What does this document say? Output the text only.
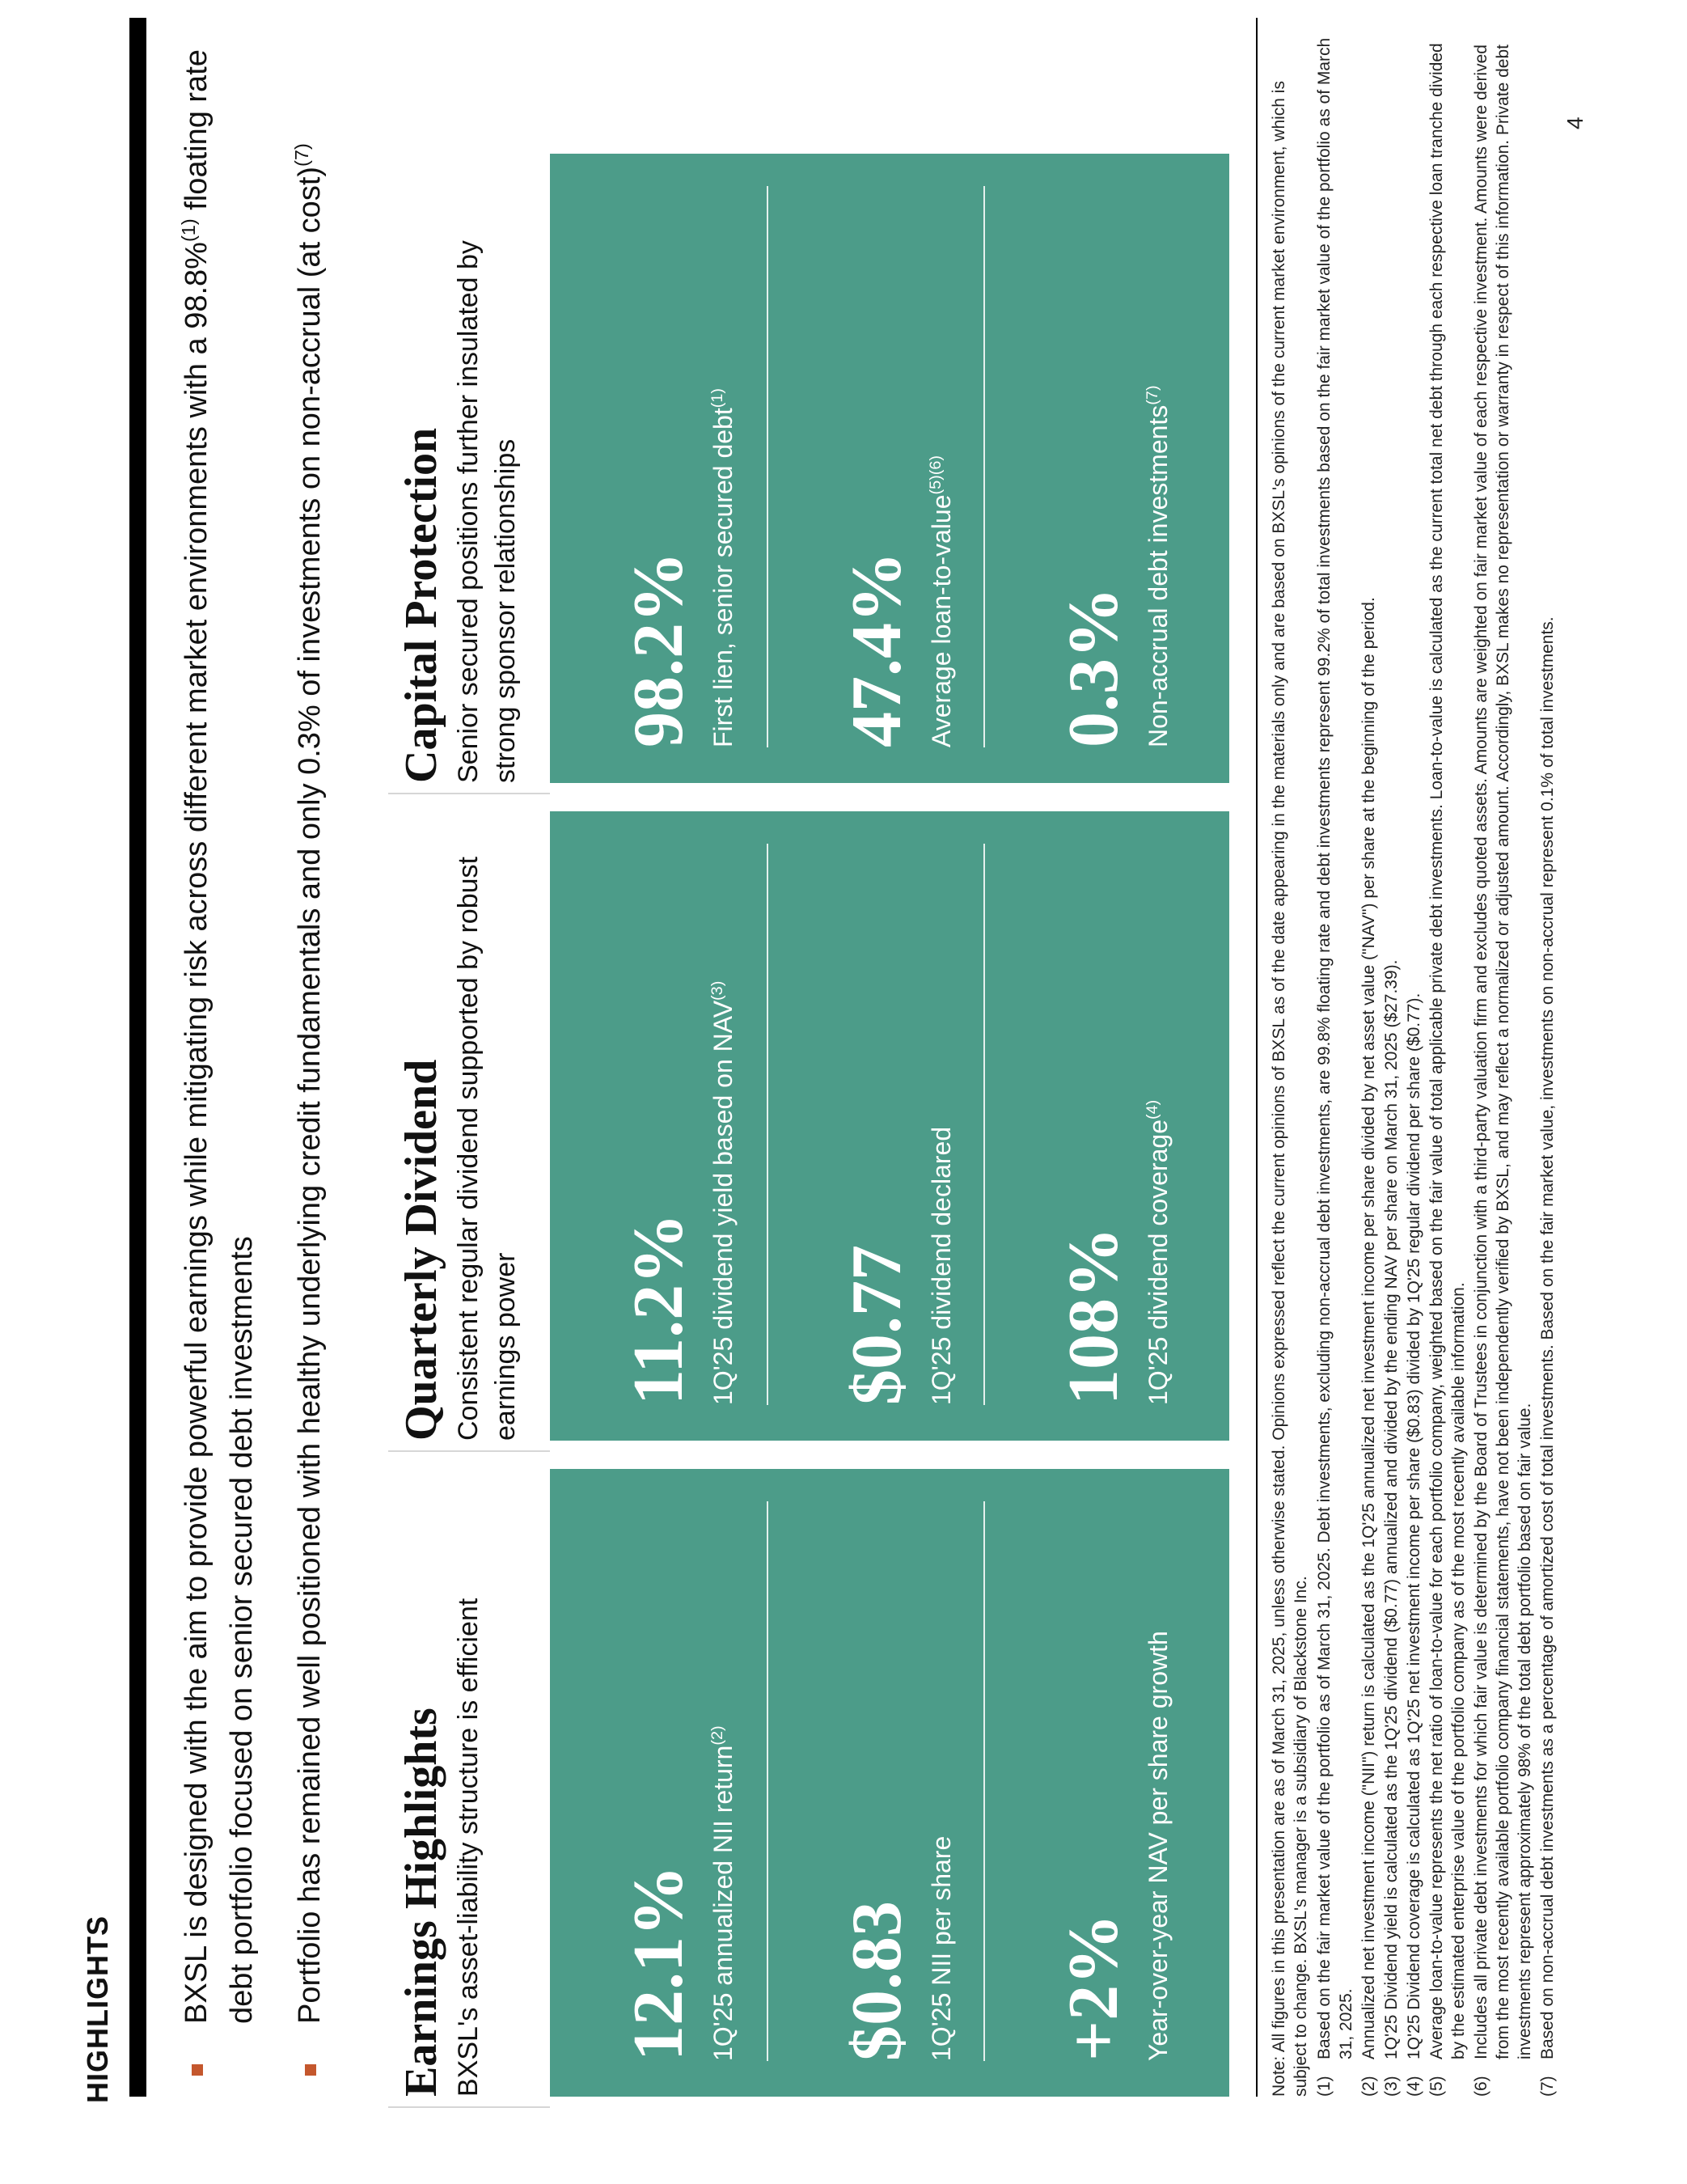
HIGHLIGHTS BXSL is designed with the aim to provide powerful earnings while mitigating risk across different market environments with a 98.8%$^{(1)}$ floating rate debt portfolio focused on senior secured debt investments Portfolio has remained well positioned with healthy underlying credit fundamentals and only 0.3% of investments on non-accrual (at cost)$^{(7)}$
Earnings Highlights BXSL's asset-liability structure is efficient 12.1% 1Q'25 annualized NII return$^{(2)}$
$0.83 1Q'25 NII per share +2% Year-over-year NAV per share growth
Quarterly Dividend Consistent regular dividend supported by robust earnings power 11.2% 1Q'25 dividend yield based on NAV$^{(3)}$
$0.77 1Q'25 dividend declared 108% 1Q'25 dividend coverage$^{(4)}$
Capital Protection Senior secured positions further insulated by strong sponsor relationships 98.2% First lien, senior secured debt$^{(1)}$
47.4% Average loan-to-value$^{(5)(6)}$
0.3% Non-accrual debt investments$^{(7)}$	Note: All figures in this presentation are as of March 31, 2025, unless otherwise stated. Opinions expressed reflect the current opinions of BXSL as of the date appearing in the materials only and are based on BXSL's opinions of the current market environment, which is subject to change. BXSL's manager is a subsidiary of Blackstone Inc. (1)
Based on the fair market value of the portfolio as of March 31, 2025. Debt investments, excluding non-accrual debt investments, are 99.8% floating rate and debt investments represent 99.2% of total investments based on the fair market value of the portfolio as of March 31, 2025.
(2)
Annualized net investment income ("NII") return is calculated as the 1Q'25 annualized net investment income per share divided by net asset value ("NAV") per share at the beginning of the period.
(3)
1Q'25 Dividend yield is calculated as the 1Q'25 dividend ($0.77) annualized and divided by the ending NAV per share on March 31, 2025 ($27.39).
(4)
1Q'25 Dividend coverage is calculated as 1Q'25 net investment income per share ($0.83) divided by 1Q'25 regular dividend per share ($0.77).
(5)
Average loan-to-value represents the net ratio of loan-to-value for each portfolio company, weighted based on the fair value of total applicable private debt investments. Loan-to-value is calculated as the current total net debt through each respective loan tranche divided by the estimated enterprise value of the portfolio company as of the most recently available information.
(6)
Includes all private debt investments for which fair value is determined by the Board of Trustees in conjunction with a third-party valuation firm and excludes quoted assets. Amounts are weighted on fair market value of each respective investment. Amounts were derived from the most recently available portfolio company financial statements, have not been independently verified by BXSL, and may reflect a normalized or adjusted amount. Accordingly, BXSL makes no representation or warranty in respect of this information. Private debt investments represent approximately 98% of the total debt portfolio based on fair value.
(7)
Based on non-accrual debt investments as a percentage of amortized cost of total investments. Based on the fair market value, investments on non-accrual represent 0.1% of total investments.
4
